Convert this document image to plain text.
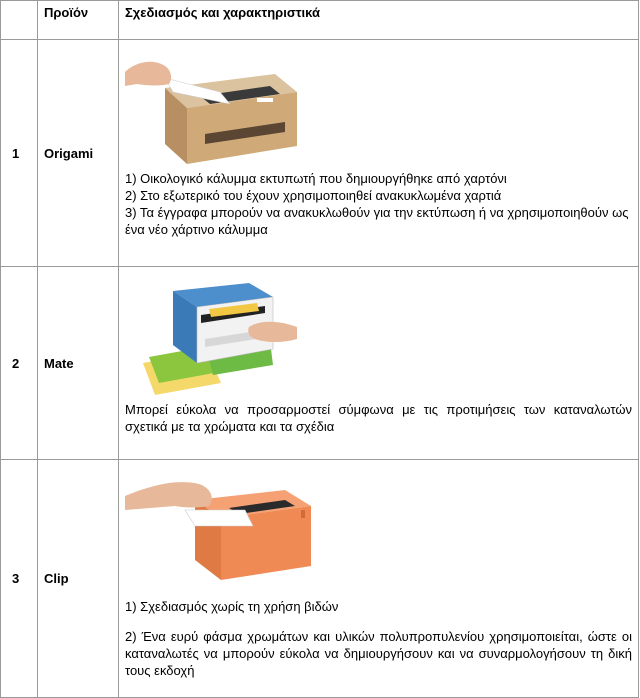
	Προϊόν	Σχεδιασμός και χαρακτηριστικά
1	Origami	1) Οικολογικό κάλυμμα εκτυπωτή που δημιουργήθηκε από χαρτόνι

2) Στο εξωτερικό του έχουν χρησιμοποιηθεί ανακυκλωμένα χαρτιά

3) Τα έγγραφα μπορούν να ανακυκλωθούν για την εκτύπωση ή να χρησιμοποιηθούν ως ένα νέο χάρτινο κάλυμμα

2	Mate	Μπορεί εύκολα να προσαρμοστεί σύμφωνα με τις προτιμήσεις των καταναλωτών σχετικά με τα χρώματα και τα σχέδια

3	Clip	1) Σχεδιασμός χωρίς τη χρήση βιδών

2) Ένα ευρύ φάσμα χρωμάτων και υλικών πολυπροπυλενίου χρησιμοποιείται, ώστε οι καταναλωτές να μπορούν εύκολα να δημιουργήσουν και να συναρμολογήσουν τη δική τους εκδοχή
